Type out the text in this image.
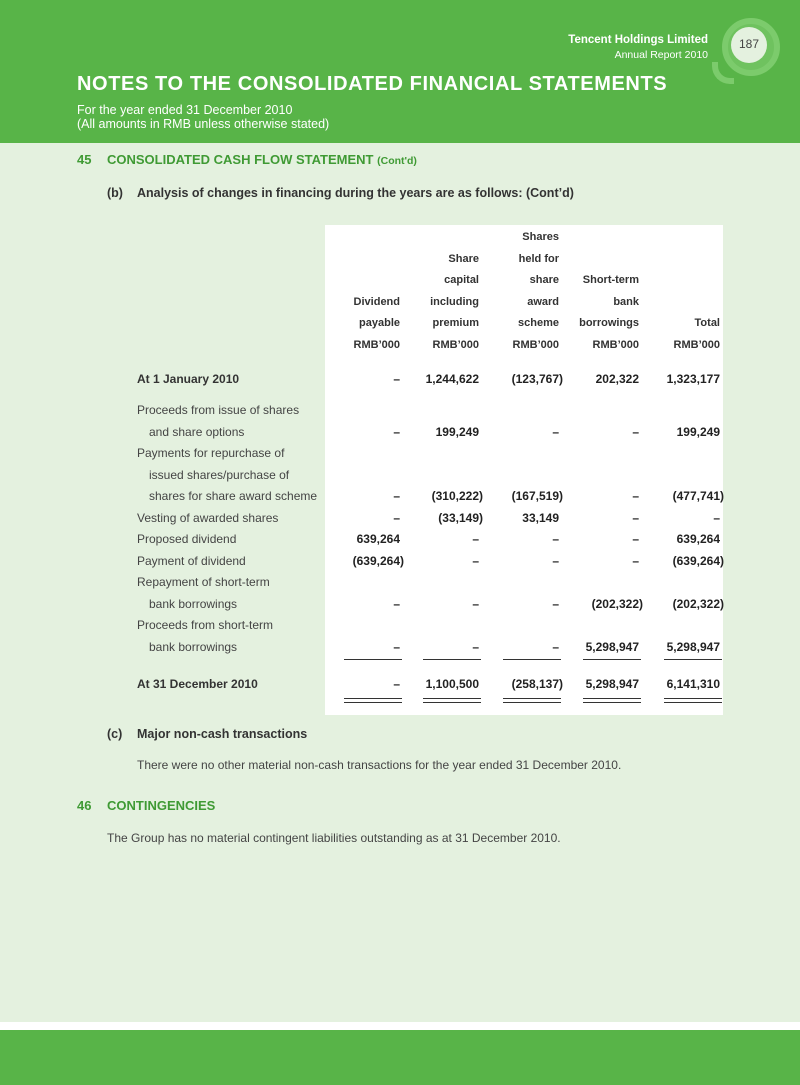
Tencent Holdings Limited
Annual Report 2010
NOTES TO THE CONSOLIDATED FINANCIAL STATEMENTS
For the year ended 31 December 2010
(All amounts in RMB unless otherwise stated)
187
45 CONSOLIDATED CASH FLOW STATEMENT (Cont'd)
(b) Analysis of changes in financing during the years are as follows: (Cont’d)
Dividend
payable
RMB’000
Share
capital
including
premium
RMB’000
Shares
held for
share
award
scheme
RMB’000
Short-term
bank
borrowings
RMB’000
Total
RMB’000
At 1 January 2010	–	1,244,622	(123,767)	202,322	1,323,177
Proceeds from issue of shares
and share options	–	199,249	–	–	199,249
Payments for repurchase of
issued shares/purchase of
shares for share award scheme	–	(310,222)	(167,519)	–	(477,741)
Vesting of awarded shares	–	(33,149)	33,149	–	–
Proposed dividend	639,264	–	–	–	639,264
Payment of dividend	(639,264)	–	–	–	(639,264)
Repayment of short-term
bank borrowings	–	–	–	(202,322)	(202,322)
Proceeds from short-term
bank borrowings	–	–	–	5,298,947	5,298,947
At 31 December 2010	–	1,100,500	(258,137)	5,298,947	6,141,310
(c) Major non-cash transactions
There were no other material non-cash transactions for the year ended 31 December 2010.
46 CONTINGENCIES
The Group has no material contingent liabilities outstanding as at 31 December 2010.
